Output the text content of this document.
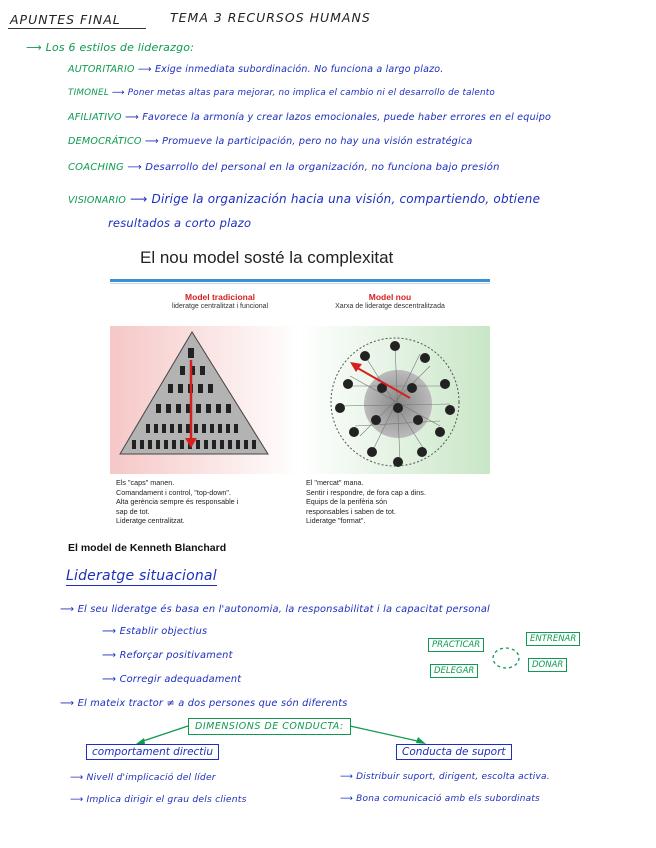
APUNTES FINAL	TEMA 3 RECURSOS HUMANS
⟶ Los 6 estilos de liderazgo:
AUTORITARIO ⟶ Exige inmediata subordinación. No funciona a largo plazo.
TIMONEL ⟶ Poner metas altas para mejorar, no implica el cambio ni el desarrollo de talento
AFILIATIVO ⟶ Favorece la armonía y crear lazos emocionales, puede haber errores en el equipo
DEMOCRÁTICO ⟶ Promueve la participación, pero no hay una visión estratégica
COACHING ⟶ Desarrollo del personal en la organización, no funciona bajo presión
VISIONARIO ⟶ Dirige la organización hacia una visión, compartiendo, obtiene
resultados a corto plazo
El nou model sosté la complexitat
Model tradicional
lideratge centralitzat i funcional
Model nou
Xarxa de lideratge descentralitzada
Els "caps" manen.
Comandament i control, "top-down".
Alta gerència sempre és responsable i
sap de tot.
Lideratge centralitzat.
El "mercat" mana.
Sentir i respondre, de fora cap a dins.
Equips de la perifèria són
responsables i saben de tot.
Lideratge "format".
El model de Kenneth Blanchard
Lideratge situacional
⟶ El seu lideratge és basa en l'autonomia, la responsabilitat i la capacitat personal
⟶ Establir objectius
⟶ Reforçar positivament
⟶ Corregir adequadament
PRACTICAR
DELEGAR
ENTRENAR
DONAR
⟶ El mateix tractor ≠ a dos persones que són diferents
DIMENSIONS DE CONDUCTA:
comportament directiu	Conducta de suport
⟶ Nivell d'implicació del líder
⟶ Implica dirigir el grau dels clients
⟶ Distribuir suport, dirigent, escolta activa.
⟶ Bona comunicació amb els subordinats
